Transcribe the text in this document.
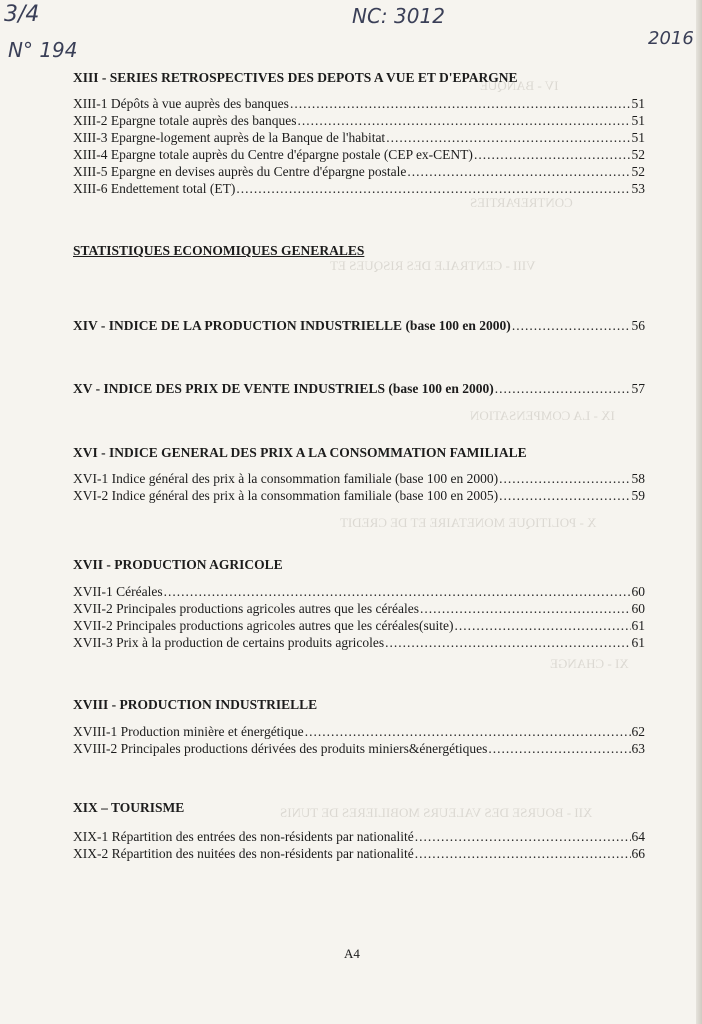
IV - BANQUE
CONTREPARTIES
VIII - CENTRALE DES RISQUES ET
IX - LA COMPENSATION
X - POLITIQUE MONETAIRE ET DE CREDIT
XI - CHANGE
XII - BOURSE DES VALEURS MOBILIERES DE TUNIS
3/4	NC: 3012
N° 194	2016
XIII - SERIES RETROSPECTIVES DES DEPOTS A VUE ET D'EPARGNE
XIII-1 Dépôts à vue auprès des banques .....	51
XIII-2 Epargne totale auprès des banques .....	51
XIII-3 Epargne-logement auprès de la Banque de l'habitat .....	51
XIII-4 Epargne totale auprès du Centre d'épargne postale (CEP ex-CENT) .....	52
XIII-5 Epargne en devises auprès du Centre d'épargne postale .....	52
XIII-6 Endettement total (ET) .....	53
STATISTIQUES ECONOMIQUES GENERALES
XIV - INDICE DE LA PRODUCTION INDUSTRIELLE (base 100 en 2000) .....	56
XV - INDICE DES PRIX DE VENTE INDUSTRIELS (base 100 en 2000) .....	57
XVI - INDICE GENERAL DES PRIX A LA CONSOMMATION FAMILIALE
XVI-1 Indice général des prix à la consommation familiale (base 100 en 2000) .....	58
XVI-2 Indice général des prix à la consommation familiale (base 100 en 2005) .....	59
XVII - PRODUCTION AGRICOLE
XVII-1 Céréales .....	60
XVII-2 Principales productions agricoles autres que les céréales .....	60
XVII-2 Principales productions agricoles autres que les céréales(suite) .....	61
XVII-3 Prix à la production de certains produits agricoles .....	61
XVIII - PRODUCTION INDUSTRIELLE
XVIII-1 Production minière et énergétique .....	62
XVIII-2 Principales productions dérivées des produits miniers&énergétiques .....	63
XIX – TOURISME
XIX-1 Répartition des entrées des non-résidents par nationalité .....	64
XIX-2 Répartition des nuitées des non-résidents par nationalité .....	66
A4
